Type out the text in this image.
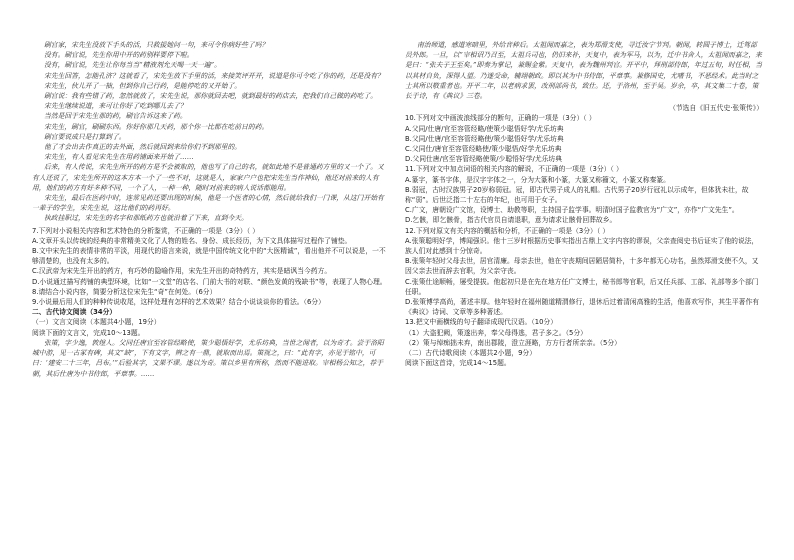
刷官家，宋先生没放下手头的活，只救援她问一句，来可令你病好些了吗？

没有。刷官说，先生你用中开的药别样要停下啦。

没有，刷官说，先生让你每当当“精液剂允天喝一天一遍”。

宋先生回答，怎能孔济？这就看了，宋先生放下手里的活，来接笑评开开，说道是你可令吃了你的药，还是没有？

宋先生，伙儿开了一抽，但到你自己行药，是能停吃的又开始了。

刷官说：我有些错了药，忽然就放了，宋先生说，那你就回去吧，就到最好的药店去，把我们自己做的药吃了。

宋先生继续说道，来可让你好了吃到哪儿去了？

当然是回于宋先生那的药，刷官告诉这来了药。

宋先生，刷官，刷刷东西。你好你那几天药，那个你一比都在吃前日的药。

刷官要说成只是打算到了。

他了才会出去作真正的去外面，然后就回到来给你们不到那里的。

宋先生，有人看见宋先生在用药铺面来开始了……

后来，有人传说，宋先生所开的药方是不会被取的，他也写了自己的名，就如此地不是普通药方里的又一个了。又有人还说了，宋先生所开的这本方本一个了一些不对，这就是人，家家户户也把宋先生当作神仙，他还对前来的人有用，他们的药方有好多种不同，一个了人，一种一种，随时对前来的病人说话都能用。

宋先生，最后在医药中时，连常见药还要出现的时候，他是一个医者的心情，然后就给我们一门课，从这门开始有一辈子的学生，宋先生说，这比他们的药再好。

执政挂职过，宋先生的名字和那纸药方也就沿着了下来，直到今天。

7.下列对小说相关内容和艺术特色的分析鉴赏，不正确的一项是（3分）（ ）

A.文章开头以传统的经典的非常精美文化了人物的姓名、身份、成长经历，为下文具体描写过程作了铺垫。

B.文中宋先生的表情非常的平淡，用现代的语言来说，就是中国传统文化中的“大医精诚”，看出他并不可以说是，一不够清楚的，也没有太多的。

C.汉武帝为宋先生开出的药方，有巧妙的隐喻作用，宋先生开出的奇特药方，其实是暗讽当今药方。

D.小说通过描写药铺的典型环境，比如“一文堂”的店名、门前大书的对联、“颜色发黄的残缺书”等，表现了人物心理。

8.请结合小说内容，简要分析这位宋先生“奇”在何处。（6分）

9.小说最后用人们的种种传说收尾，这样处理有怎样的艺术效果？结合小说谈谈你的看法。（6分）

二、古代诗文阅读（34分）

（一）文言文阅读（本题共4小题，19分）

阅读下面的文言文，完成10～13题。

张策，字少逸，敦煌人。父同任唐官至容管经略使，策少聪悟好学，尤乐坊典，当世之闻者，以为奇才。尝于洛阳城中游，见一古冢有碑，其文“缺”，下有文字，辨之有一鼎，就取而出焉。策视之，曰：“此有字，亦见于铭中，可曰：‘建安二十三年，吕布。’”后验其字，文果不谬。遂以为奇。策以乡里有所称，然而不能进取。宰相杨公知之，荐于朝，其后仕唐为中书侍郎，平章事。……

南治师道，感道寒暗里，外给音种后。太祖闻而嘉之，表为郑滑支使，寻迁汝宁节判。朝闻，转圆子博士，迁驾部员外郎。一旦，以”宰相诏乃召至，太祖兵司也，仍旧来补，天复中，表为军马，以为，迁中书舍人，太祖闻而嘉之，来是曰：“张夫子王至矣。”即奏为掌记，兼赐金紫。天复中，表为魏州判官。开平中，拜刑部侍郎，年过五旬，时任相，当以其材自负，深得人望。乃遂受命，辅翊朝政。即以其为中书侍郎，平章事。兼修国史，尤嗜书，不恶经术。此当时之士其所以敬重者也。开平二年，以老病求罢，改刑部尚书，致仕。还，于洛州，至于吴。岁余，卒，其文集二十卷，策长于诗，有《典议》三卷。

（节选自《旧五代史·张策传》）

10.下列对文中画波浪线部分的断句，正确的一项是（3分）（ ）

A.父同/仕唐/官至容管经略/使策少聪悟好学/尤乐坊典

B.父同/仕唐/官至容管经略使/策少聪悟好学/尤乐坊典

C.父同仕/唐官至容管经略使/策少聪悟/好学尤乐坊典

D.父同仕唐/官至容管经略使策/少聪悟好学/尤乐坊典

11.下列对文中加点词语的相关内容的解说，不正确的一项是（3分）（ ）

A.篆字，篆书字体，是汉字字体之一，分为大篆和小篆，大篆又称籀文，小篆又称秦篆。

B.弱冠，古时汉族男子20岁称弱冠。冠，即古代男子成人的礼帽。古代男子20岁行冠礼以示成年，但体犹未壮，故称“弱”。后世泛指二十左右的年纪，也可用于女子。

C.广文，唐朝设广文馆，设博士、助教等职，主持国子监学事。明清时国子监教官为“广文”，亦作“广文先生”。

D.乞骸，即乞骸骨，指古代官员自请退职，意为请求让骸骨回葬故乡。

12.下列对原文有关内容的概括和分析，不正确的一项是（3分）（ ）

A.张策聪明好学，博闻强识。他十三岁时根据历史事实指出古鼎上文字内容的谬误，父亲查阅史书后证实了他的说法，族人们对此感到十分惊奇。

B.张策年轻时父母去世，居官清廉。母亲去世，他在守丧期间居陋居简朴，十多年都无心功名，虽然郑滑支使不久，又因父亲去世而辞去官职，为父亲守丧。

C.张策仕途顺畅，屡受提拔。他起初只是在先在地方任广文博士，秘书郎等官职，后又任兵部、工部、礼部等多个部门任职。

D.张策博学高尚，著述丰厚。他年轻时在福州随道精渭修行，退休后过着清闲高雅的生活，他喜欢写作，其生平著作有《典议》诗词、文章等多种著述。

13.把文中画横线的句子翻译成现代汉语。（10分）

（1）大盗犯阙，策遂出奔，奉父母得逃，君子多之。（5分）

（2）策与绰痴拙未弃，南出郡陵，澄立涯略，方方行者所亲亲。（5分）

（二）古代诗歌阅读（本题共2小题，9分）

阅读下面这首诗，完成14～15题。
